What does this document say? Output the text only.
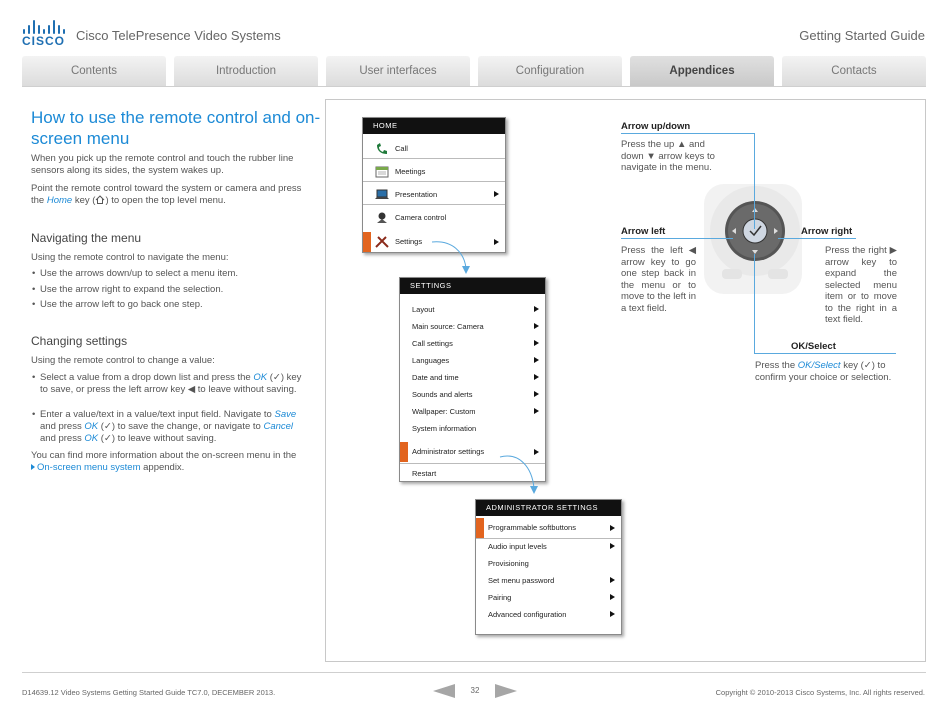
CISCO Cisco TelePresence Video Systems	Getting Started Guide
Contents	Introduction	User interfaces	Configuration	Appendices	Contacts
How to use the remote control and on-screen menu
When you pick up the remote control and touch the rubber line sensors along its sides, the system wakes up.
Point the remote control toward the system or camera and press the Home key ( ) to open the top level menu.
Navigating the menu
Using the remote control to navigate the menu:
• Use the arrows down/up to select a menu item.
• Use the arrow right to expand the selection.
• Use the arrow left to go back one step.
Changing settings
Using the remote control to change a value:
• Select a value from a drop down list and press the OK (✓) key to save, or press the left arrow key ◀ to leave without saving.
• Enter a value/text in a value/text input field. Navigate to Save and press OK (✓) to save the change, or navigate to Cancel and press OK (✓) to leave without saving.
You can find more information about the on-screen menu in the
On-screen menu system appendix.
HOME
Call
Meetings
Presentation
Camera control
Settings
SETTINGS
Layout
Main source: Camera
Call settings
Languages
Date and time
Sounds and alerts
Wallpaper: Custom
System information
Administrator settings
Restart
ADMINISTRATOR SETTINGS
Programmable softbuttons
Audio input levels
Provisioning
Set menu password
Pairing
Advanced configuration
Arrow up/down
Press the up ▲ and down ▼ arrow keys to navigate in the menu.
Arrow left
Press the left ◀ arrow key to go one step back in the menu or to move to the left in a text field.
Arrow right
Press the right ▶ arrow key to expand the selected menu item or to move to the right in a text field.
OK/Select
Press the OK/Select key (✓) to confirm your choice or selection.
D14639.12 Video Systems Getting Started Guide TC7.0, DECEMBER 2013.	32	Copyright © 2010-2013 Cisco Systems, Inc. All rights reserved.
